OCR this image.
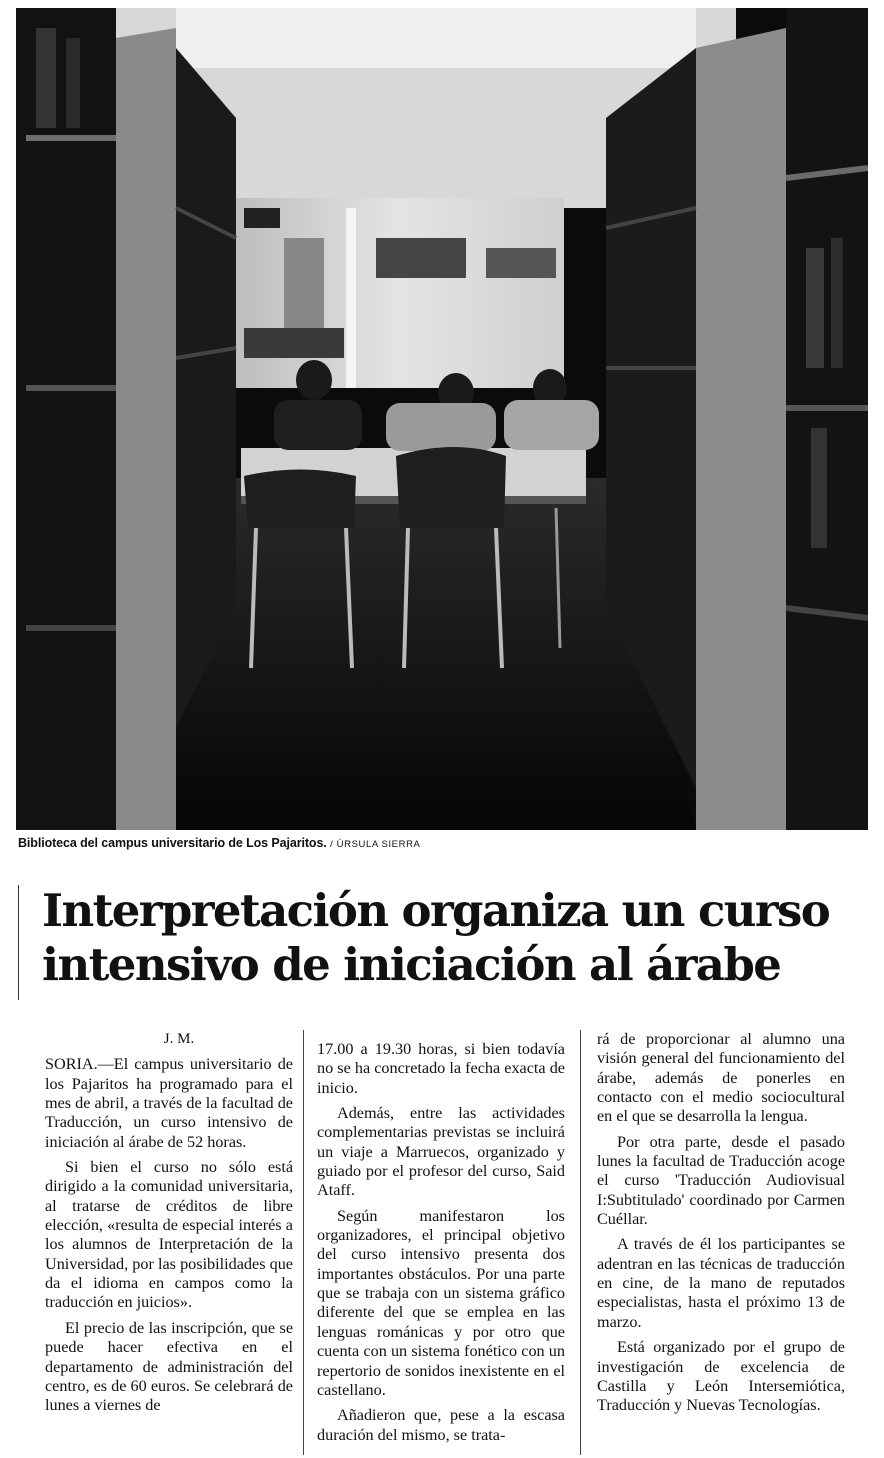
Biblioteca del campus universitario de Los Pajaritos. / ÚRSULA SIERRA
Interpretación organiza un curso
intensivo de iniciación al árabe

J. M.

SORIA.—El campus universitario de los Pajaritos ha programado para el mes de abril, a través de la facultad de Traducción, un curso intensivo de iniciación al árabe de 52 horas.

Si bien el curso no sólo está dirigido a la comunidad universitaria, al tratarse de créditos de libre elección, «resulta de especial interés a los alumnos de Interpretación de la Universidad, por las posibilidades que da el idioma en campos como la traducción en juicios».

El precio de las inscripción, que se puede hacer efectiva en el departamento de administración del centro, es de 60 euros. Se celebrará de lunes a viernes de

17.00 a 19.30 horas, si bien todavía no se ha concretado la fecha exacta de inicio.

Además, entre las actividades complementarias previstas se incluirá un viaje a Marruecos, organizado y guiado por el profesor del curso, Said Ataff.

Según manifestaron los organizadores, el principal objetivo del curso intensivo presenta dos importantes obstáculos. Por una parte que se trabaja con un sistema gráfico diferente del que se emplea en las lenguas románicas y por otro que cuenta con un sistema fonético con un repertorio de sonidos inexistente en el castellano.

Añadieron que, pese a la escasa duración del mismo, se trata-

rá de proporcionar al alumno una visión general del funcionamiento del árabe, además de ponerles en contacto con el medio sociocultural en el que se desarrolla la lengua.

Por otra parte, desde el pasado lunes la facultad de Traducción acoge el curso 'Traducción Audiovisual I:Subtitulado' coordinado por Carmen Cuéllar.

A través de él los participantes se adentran en las técnicas de traducción en cine, de la mano de reputados especialistas, hasta el próximo 13 de marzo.

Está organizado por el grupo de investigación de excelencia de Castilla y León Intersemiótica, Traducción y Nuevas Tecnologías.
